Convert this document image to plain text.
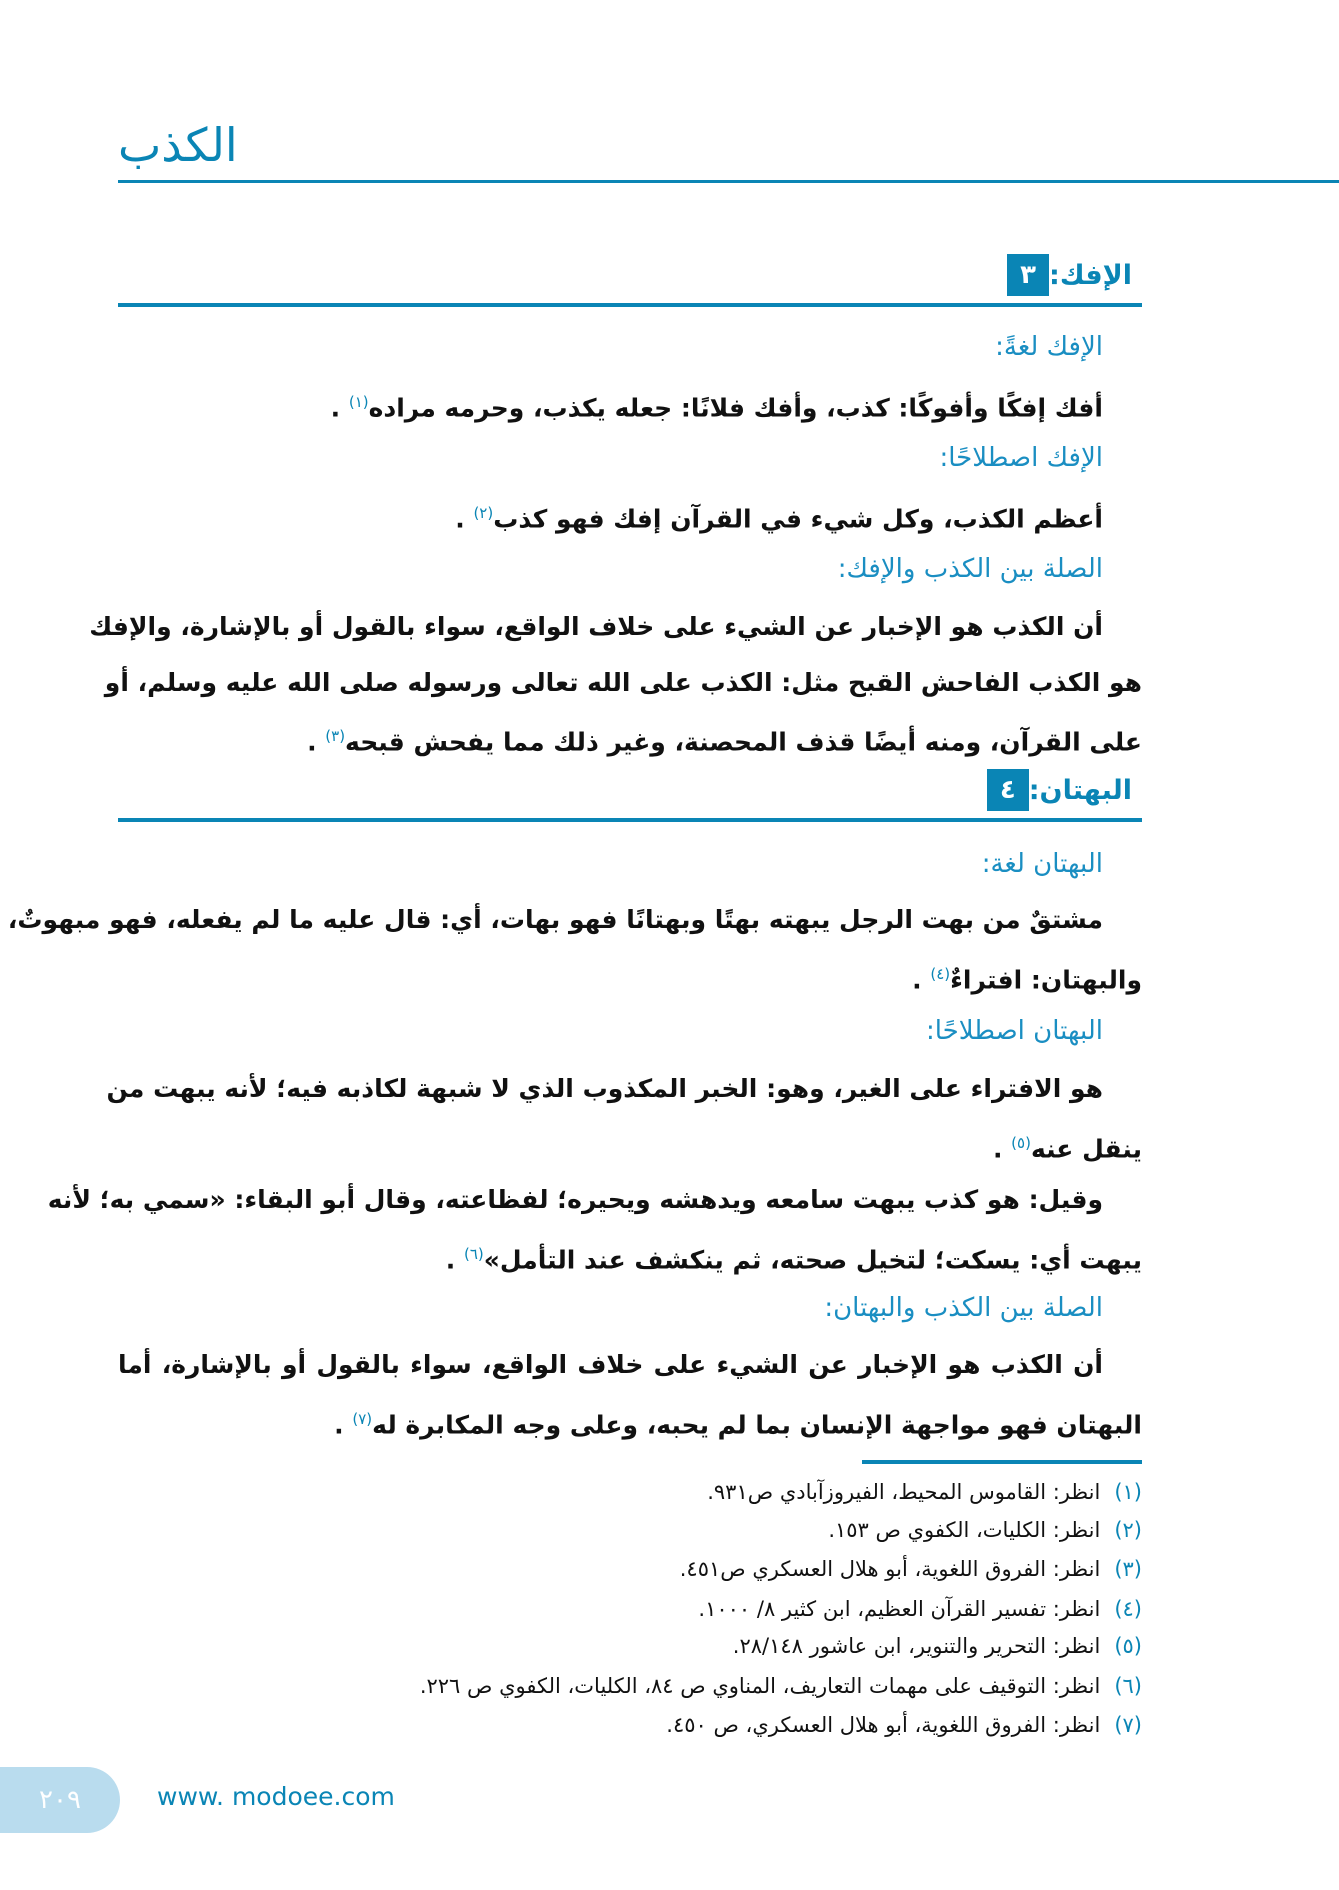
الكذب
٣ الإفك:
الإفك لغةً:
أفك إفكًا وأفوكًا: كذب، وأفك فلانًا: جعله يكذب، وحرمه مراده$^{(١)}$ .
الإفك اصطلاحًا:
أعظم الكذب، وكل شيء في القرآن إفك فهو كذب$^{(٢)}$ .
الصلة بين الكذب والإفك:
أن الكذب هو الإخبار عن الشيء على خلاف الواقع، سواء بالقول أو بالإشارة، والإفك
هو الكذب الفاحش القبح مثل: الكذب على الله تعالى ورسوله صلى الله عليه وسلم، أو
على القرآن، ومنه أيضًا قذف المحصنة، وغير ذلك مما يفحش قبحه$^{(٣)}$ .
٤ البهتان:
البهتان لغة:
مشتقٌ من بهت الرجل يبهته بهتًا وبهتانًا فهو بهات، أي: قال عليه ما لم يفعله، فهو مبهوتٌ،
والبهتان: افتراءٌ$^{(٤)}$ .
البهتان اصطلاحًا:
هو الافتراء على الغير، وهو: الخبر المكذوب الذي لا شبهة لكاذبه فيه؛ لأنه يبهت من
ينقل عنه$^{(٥)}$ .
وقيل: هو كذب يبهت سامعه ويدهشه ويحيره؛ لفظاعته، وقال أبو البقاء: «سمي به؛ لأنه
يبهت أي: يسكت؛ لتخيل صحته، ثم ينكشف عند التأمل»$^{(٦)}$ .
الصلة بين الكذب والبهتان:
أن الكذب هو الإخبار عن الشيء على خلاف الواقع، سواء بالقول أو بالإشارة، أما
البهتان فهو مواجهة الإنسان بما لم يحبه، وعلى وجه المكابرة له$^{(٧)}$ .
(١)انظر: القاموس المحيط، الفيروزآبادي ص٩٣١.
(٢)انظر: الكليات، الكفوي ص ١٥٣.
(٣)انظر: الفروق اللغوية، أبو هلال العسكري ص٤٥١.
(٤)انظر: تفسير القرآن العظيم، ابن كثير ٨/ ١٠٠٠.
(٥)انظر: التحرير والتنوير، ابن عاشور ٢٨/١٤٨.
(٦)انظر: التوقيف على مهمات التعاريف، المناوي ص ٨٤، الكليات، الكفوي ص ٢٢٦.
(٧)انظر: الفروق اللغوية، أبو هلال العسكري، ص ٤٥٠.
٢٠٩	www. modoee.com
